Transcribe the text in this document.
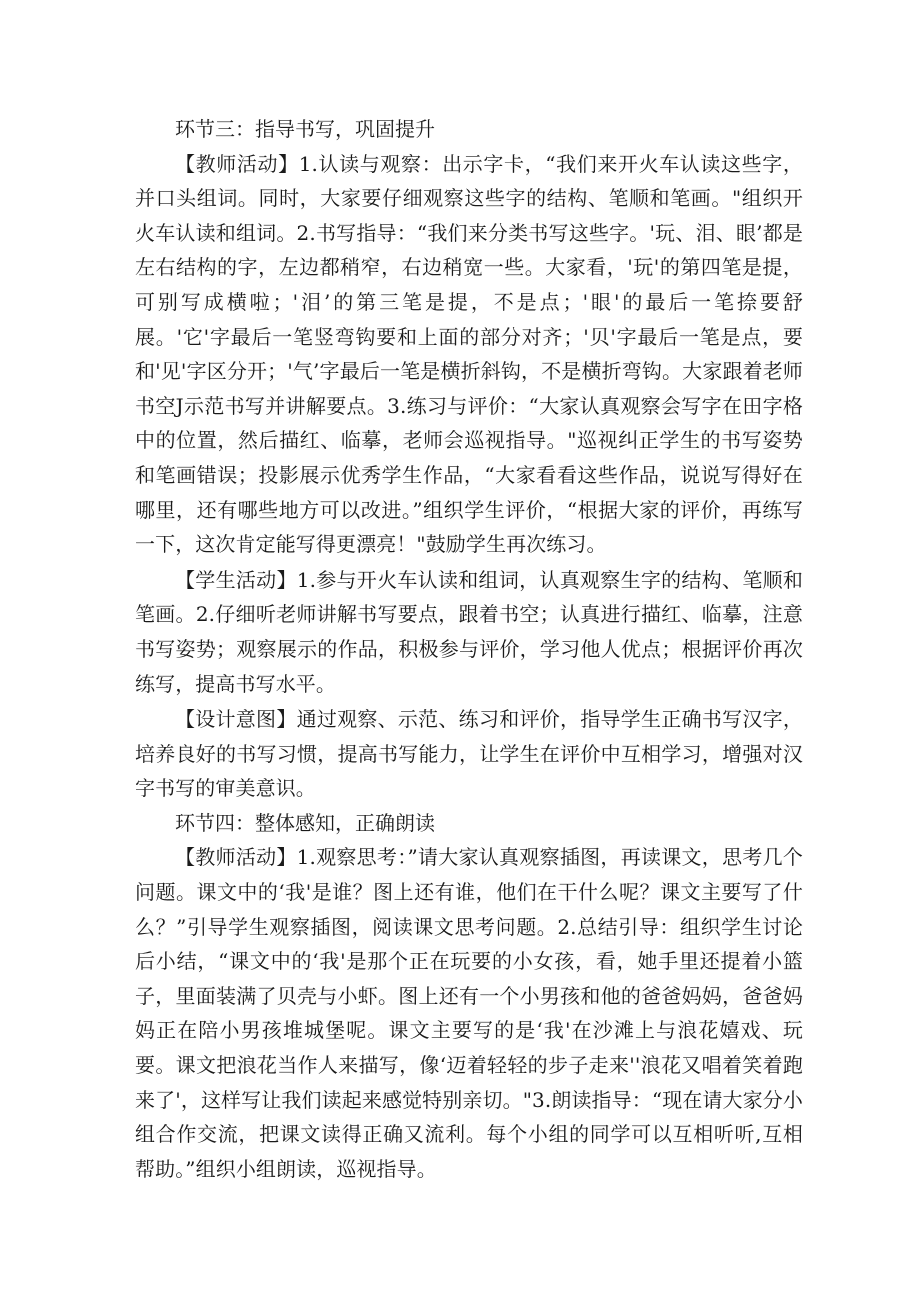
环节三：指导书写，巩固提升

【教师活动】1.认读与观察：出示字卡，“我们来开火车认读这些字，并口头组词。同时，大家要仔细观察这些字的结构、笔顺和笔画。"组织开火车认读和组词。2.书写指导：“我们来分类书写这些字。'玩、泪、眼’都是左右结构的字，左边都稍窄，右边稍宽一些。大家看，'玩'的第四笔是提，可别写成横啦；'泪’的第三笔是提，不是点；'眼'的最后一笔捺要舒展。'它'字最后一笔竖弯钩要和上面的部分对齐；'贝'字最后一笔是点，要和'见'字区分开；'气’字最后一笔是横折斜钩，不是横折弯钩。大家跟着老师书空J示范书写并讲解要点。3.练习与评价：“大家认真观察会写字在田字格中的位置，然后描红、临摹，老师会巡视指导。"巡视纠正学生的书写姿势和笔画错误；投影展示优秀学生作品，“大家看看这些作品，说说写得好在哪里，还有哪些地方可以改进。”组织学生评价，“根据大家的评价，再练写一下，这次肯定能写得更漂亮！"鼓励学生再次练习。

【学生活动】1.参与开火车认读和组词，认真观察生字的结构、笔顺和笔画。2.仔细听老师讲解书写要点，跟着书空；认真进行描红、临摹，注意书写姿势；观察展示的作品，积极参与评价，学习他人优点；根据评价再次练写，提高书写水平。

【设计意图】通过观察、示范、练习和评价，指导学生正确书写汉字，培养良好的书写习惯，提高书写能力，让学生在评价中互相学习，增强对汉字书写的审美意识。

环节四：整体感知，正确朗读

【教师活动】1.观察思考：”请大家认真观察插图，再读课文，思考几个问题。课文中的‘我'是谁？图上还有谁，他们在干什么呢？课文主要写了什么？”引导学生观察插图，阅读课文思考问题。2.总结引导：组织学生讨论后小结，“课文中的‘我'是那个正在玩要的小女孩，看，她手里还提着小篮子，里面装满了贝壳与小虾。图上还有一个小男孩和他的爸爸妈妈，爸爸妈妈正在陪小男孩堆城堡呢。课文主要写的是‘我'在沙滩上与浪花嬉戏、玩要。课文把浪花当作人来描写，像‘迈着轻轻的步子走来''浪花又唱着笑着跑来了'，这样写让我们读起来感觉特别亲切。"3.朗读指导：“现在请大家分小组合作交流，把课文读得正确又流利。每个小组的同学可以互相听听,互相帮助。”组织小组朗读，巡视指导。
